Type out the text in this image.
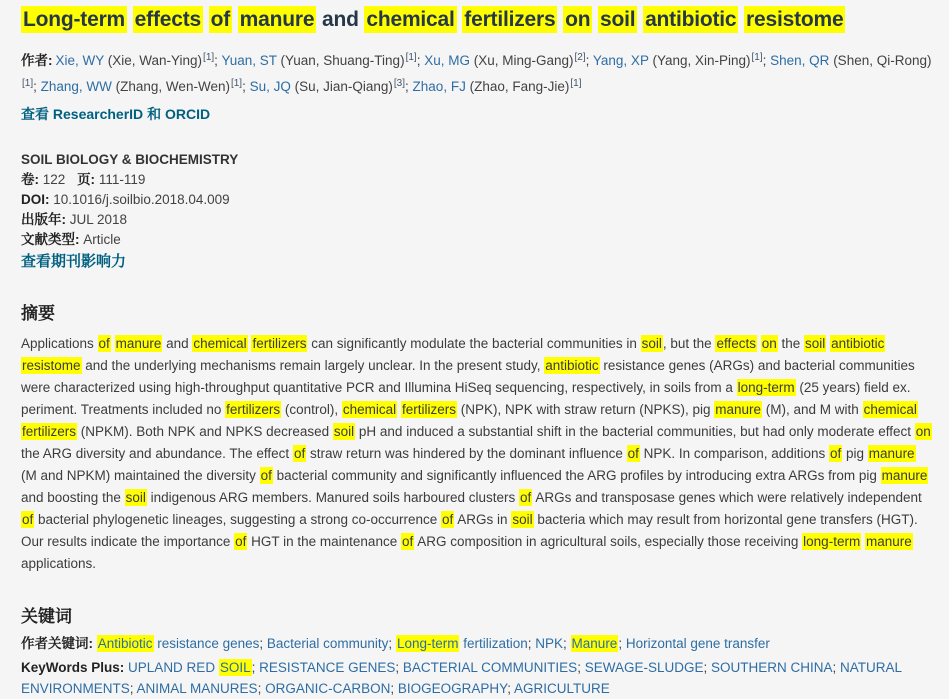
Long-term effects of manure and chemical fertilizers on soil antibiotic resistome

作者: Xie, WY (Xie, Wan-Ying)[1]; Yuan, ST (Yuan, Shuang-Ting)[1]; Xu, MG (Xu, Ming-Gang)[2]; Yang, XP (Yang, Xin-Ping)[1]; Shen, QR (Shen, Qi-Rong)[1]; Zhang, WW (Zhang, Wen-Wen)[1]; Su, JQ (Su, Jian-Qiang)[3]; Zhao, FJ (Zhao, Fang-Jie)[1]

查看 ResearcherID 和 ORCID

SOIL BIOLOGY & BIOCHEMISTRY
卷: 122 页: 111-119
DOI: 10.1016/j.soilbio.2018.04.009
出版年: JUL 2018
文献类型: Article
查看期刊影响力
摘要

Applications of manure and chemical fertilizers can significantly modulate the bacterial communities in soil, but the effects on the soil antibiotic resistome and the underlying mechanisms remain largely unclear. In the present study, antibiotic resistance genes (ARGs) and bacterial communities were characterized using high-throughput quantitative PCR and Illumina HiSeq sequencing, respectively, in soils from a long-term (25 years) field ex. periment. Treatments included no fertilizers (control), chemical fertilizers (NPK), NPK with straw return (NPKS), pig manure (M), and M with chemical fertilizers (NPKM). Both NPK and NPKS decreased soil pH and induced a substantial shift in the bacterial communities, but had only moderate effect on the ARG diversity and abundance. The effect of straw return was hindered by the dominant influence of NPK. In comparison, additions of pig manure (M and NPKM) maintained the diversity of bacterial community and significantly influenced the ARG profiles by introducing extra ARGs from pig manure and boosting the soil indigenous ARG members. Manured soils harboured clusters of ARGs and transposase genes which were relatively independent of bacterial phylogenetic lineages, suggesting a strong co-occurrence of ARGs in soil bacteria which may result from horizontal gene transfers (HGT). Our results indicate the importance of HGT in the maintenance of ARG composition in agricultural soils, especially those receiving long-term manure applications.

关键词

作者关键词: Antibiotic resistance genes; Bacterial community; Long-term fertilization; NPK; Manure; Horizontal gene transfer

KeyWords Plus: UPLAND RED SOIL; RESISTANCE GENES; BACTERIAL COMMUNITIES; SEWAGE-SLUDGE; SOUTHERN CHINA; NATURAL ENVIRONMENTS; ANIMAL MANURES; ORGANIC-CARBON; BIOGEOGRAPHY; AGRICULTURE
